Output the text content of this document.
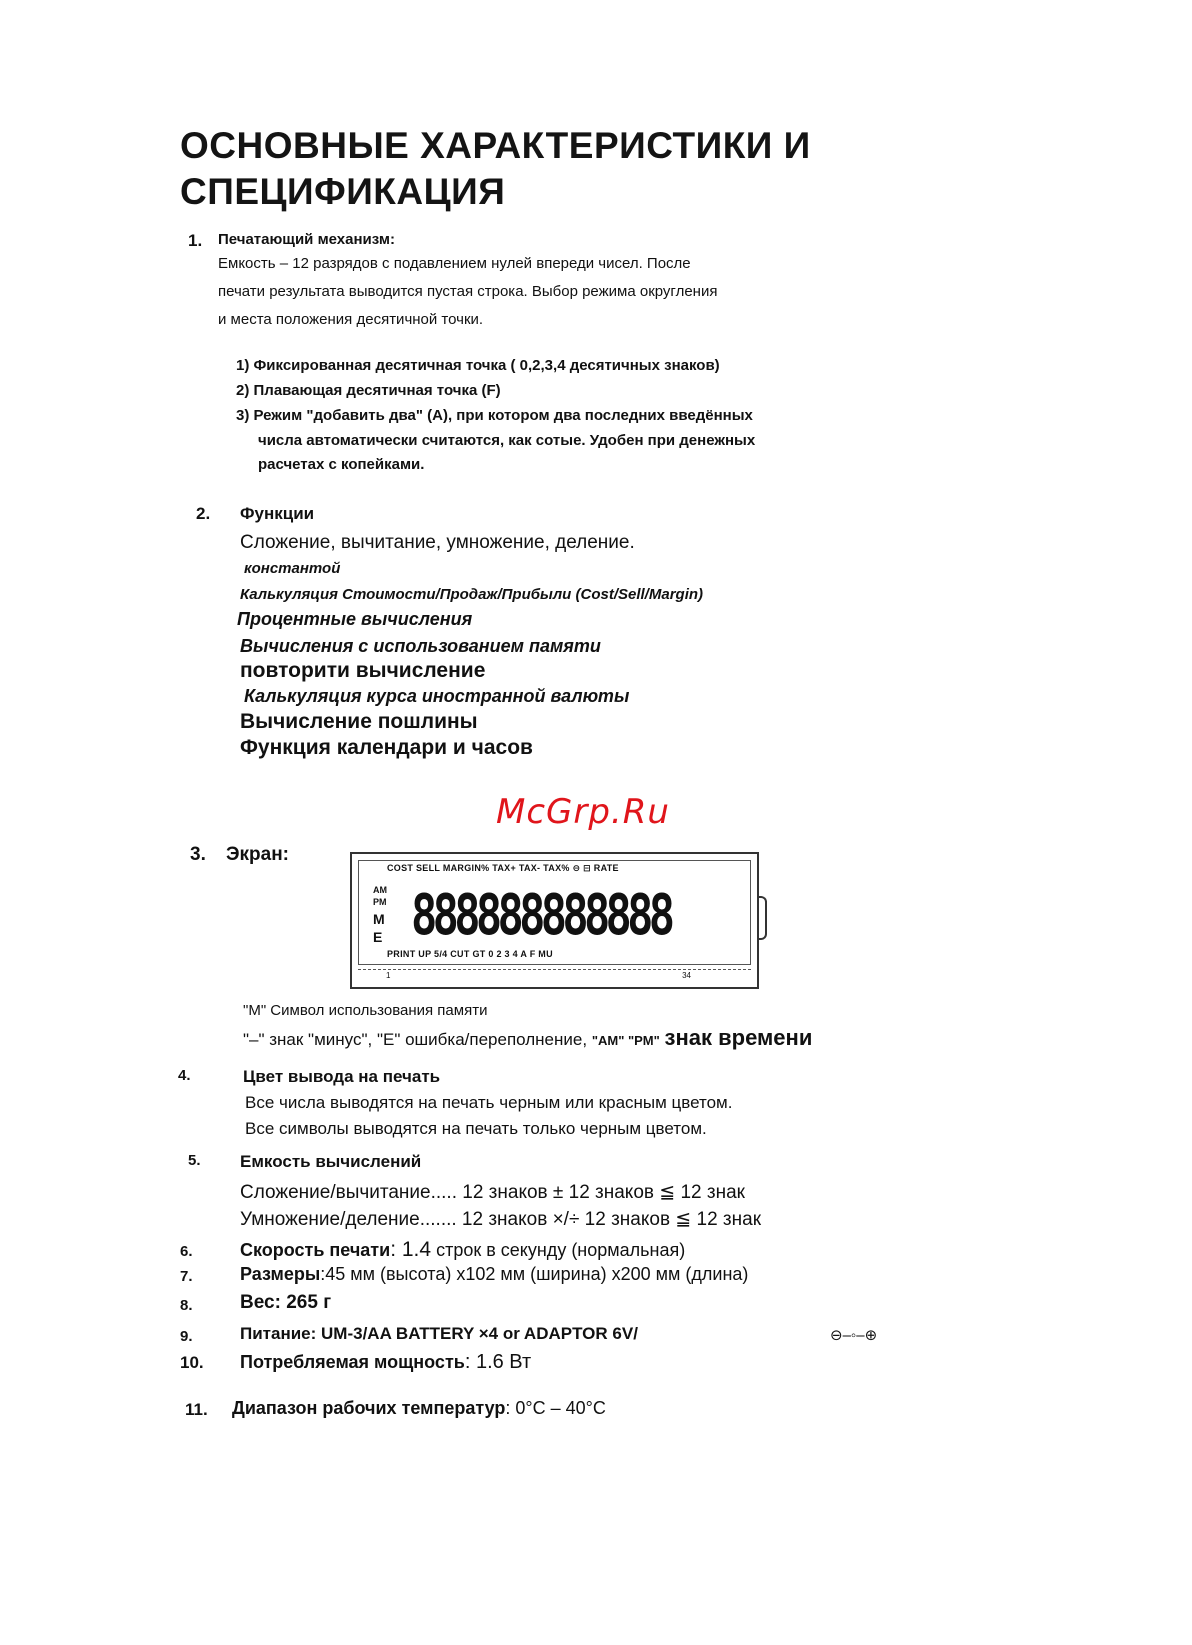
ОСНОВНЫЕ ХАРАКТЕРИСТИКИ И
СПЕЦИФИКАЦИЯ
1. Печатающий механизм:
Емкость – 12 разрядов с подавлением нулей впереди чисел. После
печати результата выводится пустая строка. Выбор режима округления
и места положения десятичной точки.
1) Фиксированная десятичная точка ( 0,2,3,4 десятичных знаков)
2) Плавающая десятичная точка (F)
3) Режим "добавить два" (A), при котором два последних введённых
числа автоматически считаются, как сотые. Удобен при денежных
расчетах с копейками.
2. Функции
Сложение, вычитание, умножение, деление.
константой
Калькуляция Стоимости/Продаж/Прибыли (Cost/Sell/Margin)
Процентные вычисления
Вычисления с использованием памяти
повторити вычисление
Калькуляция курса иностранной валюты
Вычисление пошлины
Функция календари и часов
McGrp.Ru
3. Экран:
COST SELL MARGIN% TAX+ TAX- TAX% ⊖ ⊟ RATE
AM
PM
M
E 888888888888
PRINT UP 5/4 CUT GT 0 2 3 4 A F MU
1	34
"M" Символ использования памяти
"–" знак "минус", "E" ошибка/переполнение, "AM" "PM" знак времени
4.	Цвет вывода на печать
Все числа выводятся на печать черным или красным цветом.
Все символы выводятся на печать только черным цветом.
5. Емкость вычислений
Сложение/вычитание..... 12 знаков ± 12 знаков ≦ 12 знак
Умножение/деление....... 12 знаков ×/÷ 12 знаков ≦ 12 знак
6.	Скорость печати: 1.4 строк в секунду (нормальная)
7.	Размеры:45 мм (высота) x102 мм (ширина) x200 мм (длина)
8. Вес: 265 г
9.	Питание: UM-3/AA BATTERY ×4 or ADAPTOR 6V/	⊖–◦–⊕
10. Потребляемая мощность: 1.6 Вт
11. Диапазон рабочих температур: 0°C – 40°C
